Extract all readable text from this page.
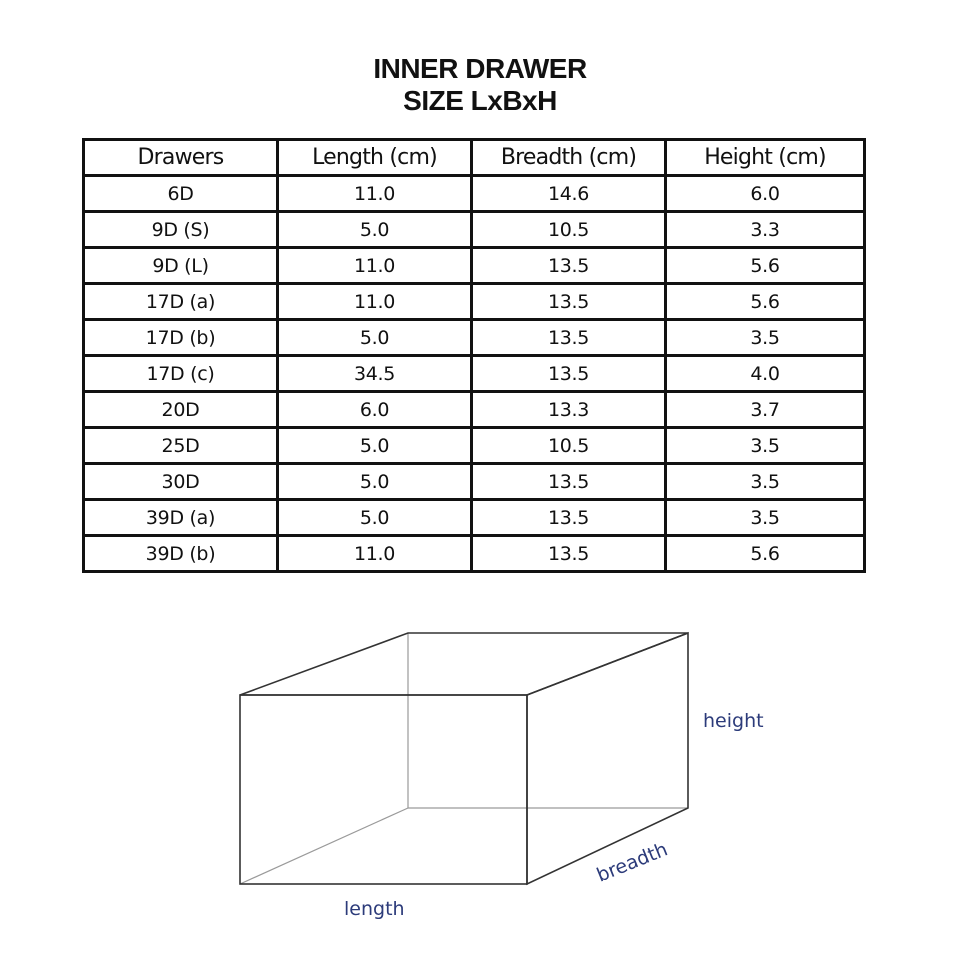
INNER DRAWER
SIZE LxBxH
Drawers	Length (cm)	Breadth (cm)	Height (cm)
6D	11.0	14.6	6.0
9D (S)	5.0	10.5	3.3
9D (L)	11.0	13.5	5.6
17D (a)	11.0	13.5	5.6
17D (b)	5.0	13.5	3.5
17D (c)	34.5	13.5	4.0
20D	6.0	13.3	3.7
25D	5.0	10.5	3.5
30D	5.0	13.5	3.5
39D (a)	5.0	13.5	3.5
39D (b)	11.0	13.5	5.6
height
breadth
length
